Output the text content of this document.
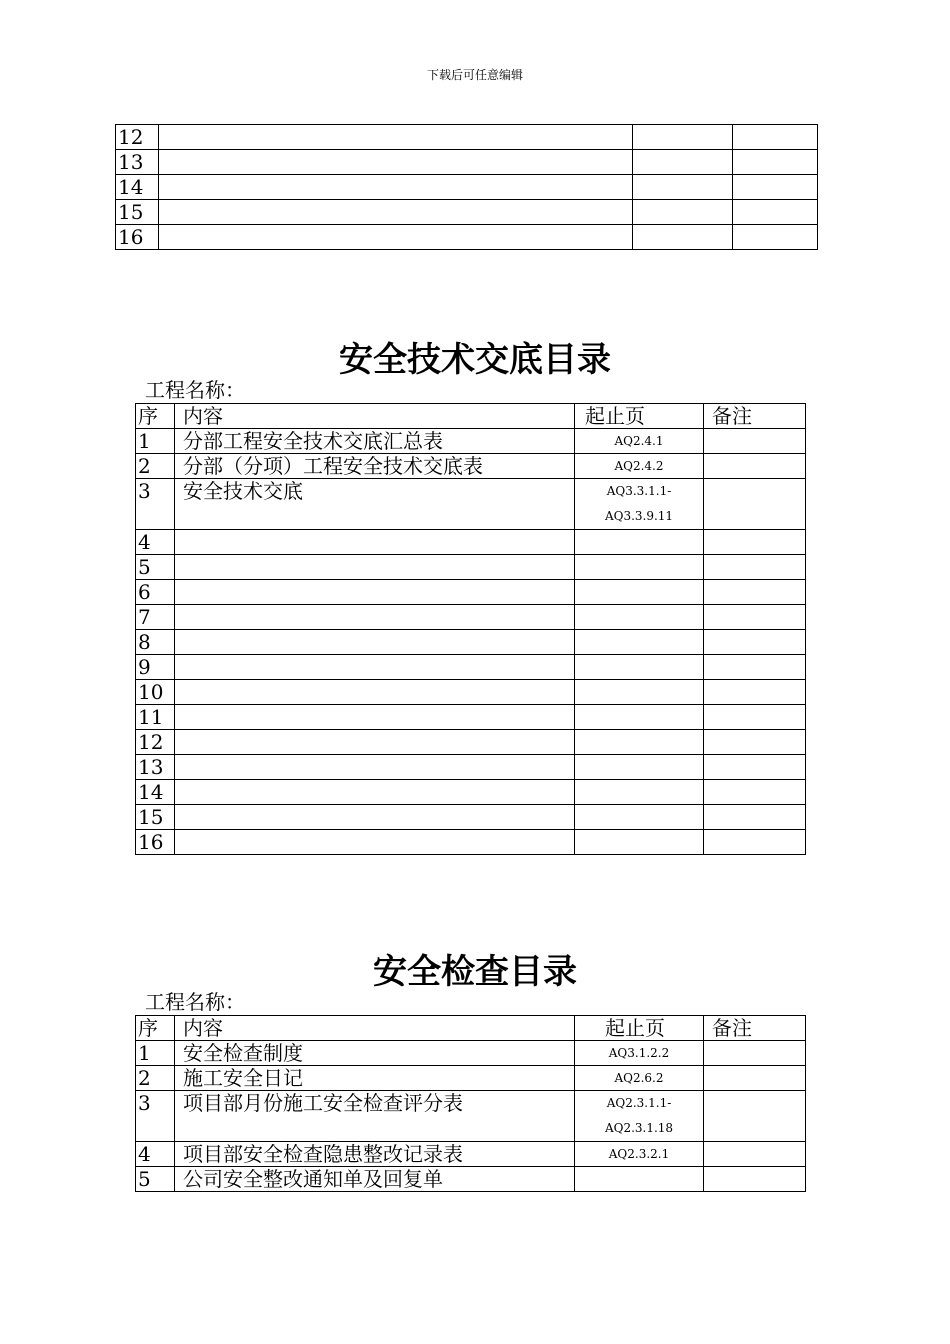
下载后可任意编辑
12			
13			
14			
15			
16			
安全技术交底目录
工程名称：
序	内容	起止页	备注
1	分部工程安全技术交底汇总表	AQ2.4.1	
2	分部（分项）工程安全技术交底表	AQ2.4.2	
3	安全技术交底	AQ3.3.1.1-
AQ3.3.9.11	

4			
5			
6			
7			
8			
9			
10			
11			
12			
13			
14			
15			
16			
安全检查目录
工程名称：
序	内容	起止页	备注
1	安全检查制度	AQ3.1.2.2	
2	施工安全日记	AQ2.6.2	
3	项目部月份施工安全检查评分表	AQ2.3.1.1-
AQ2.3.1.18	

4	项目部安全检查隐患整改记录表	AQ2.3.2.1	
5	公司安全整改通知单及回复单		
